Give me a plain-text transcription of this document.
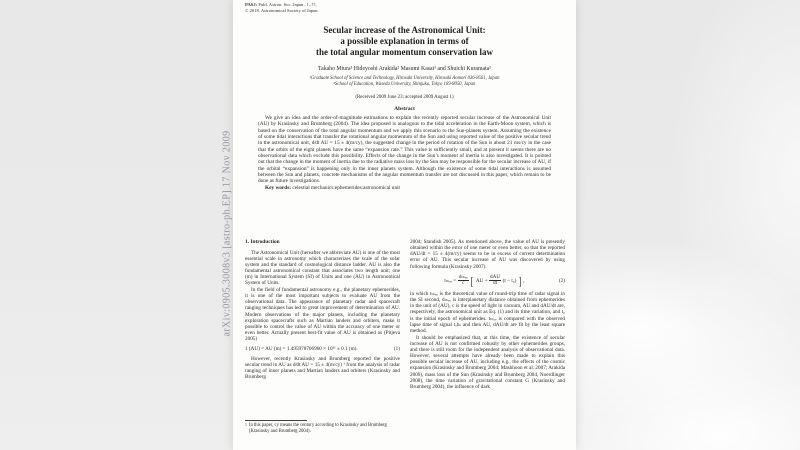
PASJ: Publ. Astron. Soc. Japan , 1–??,
© 2018. Astronomical Society of Japan.
Secular increase of the Astronomical Unit:
a possible explanation in terms of
the total angular momentum conservation law
Takaho Miura¹ Hideyoshi Arakida² Masumi Kasai¹ and Shuichi Kuramata¹
¹Graduate School of Science and Technology, Hirosaki University, Hirosaki Aomori 036-8561, Japan
²School of Education, Waseda University, Shinjuku, Tokyo 169-8050, Japan
(Received 2009 June 23; accepted 2009 August 1)
Abstract
We give an idea and the order-of-magnitude estimations to explain the recently reported secular increase of the Astronomical Unit (AU) by Krasinsky and Brumberg (2004). The idea proposed is analogous to the tidal acceleration in the Earth-Moon system, which is based on the conservation of the total angular momentum and we apply this scenario to the Sun-planets system. Assuming the existence of some tidal interactions that transfer the rotational angular momentum of the Sun and using reported value of the positive secular trend in the astronomical unit, d⁄dt AU = 15 ± 4(m/cy), the suggested change in the period of rotation of the Sun is about 21 ms/cy in the case that the orbits of the eight planets have the same “expansion rate.” This value is sufficiently small, and at present it seems there are no observational data which exclude this possibility. Effects of the change in the Sun’s moment of inertia is also investigated. It is pointed out that the change in the moment of inertia due to the radiative mass loss by the Sun may be responsible for the secular increase of AU, if the orbital “expansion” is happening only in the inner planets system. Although the existence of some tidal interactions is assumed between the Sun and planets, concrete mechanisms of the angular momentum transfer are not discussed in this paper, which remain to be done as future investigations.
Key words: celestial mechanics:ephemerides:astronomical unit
1. Introduction

The Astronomical Unit (hereafter we abbreviate AU) is one of the most essential scale in astronomy which characterizes the scale of the solar system and the standard of cosmological distance ladder. AU is also the fundamental astronomical constant that associates two length unit; one (m) in International System (SI) of Units and one (AU) in Astronomical System of Units.

In the field of fundamental astronomy e.g., the planetary ephemerides, it is one of the most important subjects to evaluate AU from the observational data. The appearance of planetary radar and spacecraft ranging techniques has led to great improvement of determination of AU. Modern observations of the major planets, including the planetary exploration spacecrafts such as Martian landers and orbiters, make it possible to control the value of AU within the accuracy of one meter or even better. Actually present best-fit value of AU is obtained as (Pitjeva 2005)

1 (AU) = AU (m) = 1.495978706960 × 10¹¹ ± 0.1 (m).	(1)

However, recently Krasinsky and Brumberg reported the positive secular trend in AU as d⁄dt AU = 15 ± 4(m/cy) ¹ from the analysis of radar ranging of inner planets and Martian landers and orbiters (Krasinsky and Brumberg

2004; Standish 2005). As mentioned above, the value of AU is presently obtained within the error of one meter or even better, so that the reported dAU/dt = 15 ± 4(m/cy) seems to be in excess of current determination error of AU. This secular increase of AU was discovered by using following formula (Krasinsky 2007).

$t_{theo} = \frac{\text{dₜₕₑₒ}}{c}$ [ AU + $\frac{\text{dAU}}{dt} (t - t_0)$ ] ,	(2)

in which tₜₕₑₒ is the theoretical value of round-trip time of radar signal in the SI second, dₜₕₑₒ is interplanetary distance obtained from ephemerides in the unit of (AU), c is the speed of light in vacuum, AU and dAU/dt are, respectively, the astronomical unit as Eq. (1) and its time variation, and t₀ is the initial epoch of ephemerides. tₜₕₑₒ is compared with the observed lapse time of signal tₒbₛ and then AU, dAU/dt are fit by the least square method.

It should be emphasized that, at this time, the existence of secular increase of AU is not confirmed robustly by other ephemerides groups, and there is still room for the independent analysis of observational data. However, several attempts have already been made to explain this possible secular increase of AU, including e.g., the effects of the cosmic expansion (Krasinsky and Brumberg 2004; Mashhoon et al. 2007; Arakida 2009), mass loss of the Sun (Krasinsky and Brumberg 2004, Noerdlinger 2008), the time variation of gravitational constant G (Krasinsky and Brumberg 2004), the influence of dark

1 In this paper, cy means the century according to Krasinsky and Brumberg (Krasinsky and Brumberg 2004).
arXiv:0905.3008v3 [astro-ph.EP] 17 Nov 2009
